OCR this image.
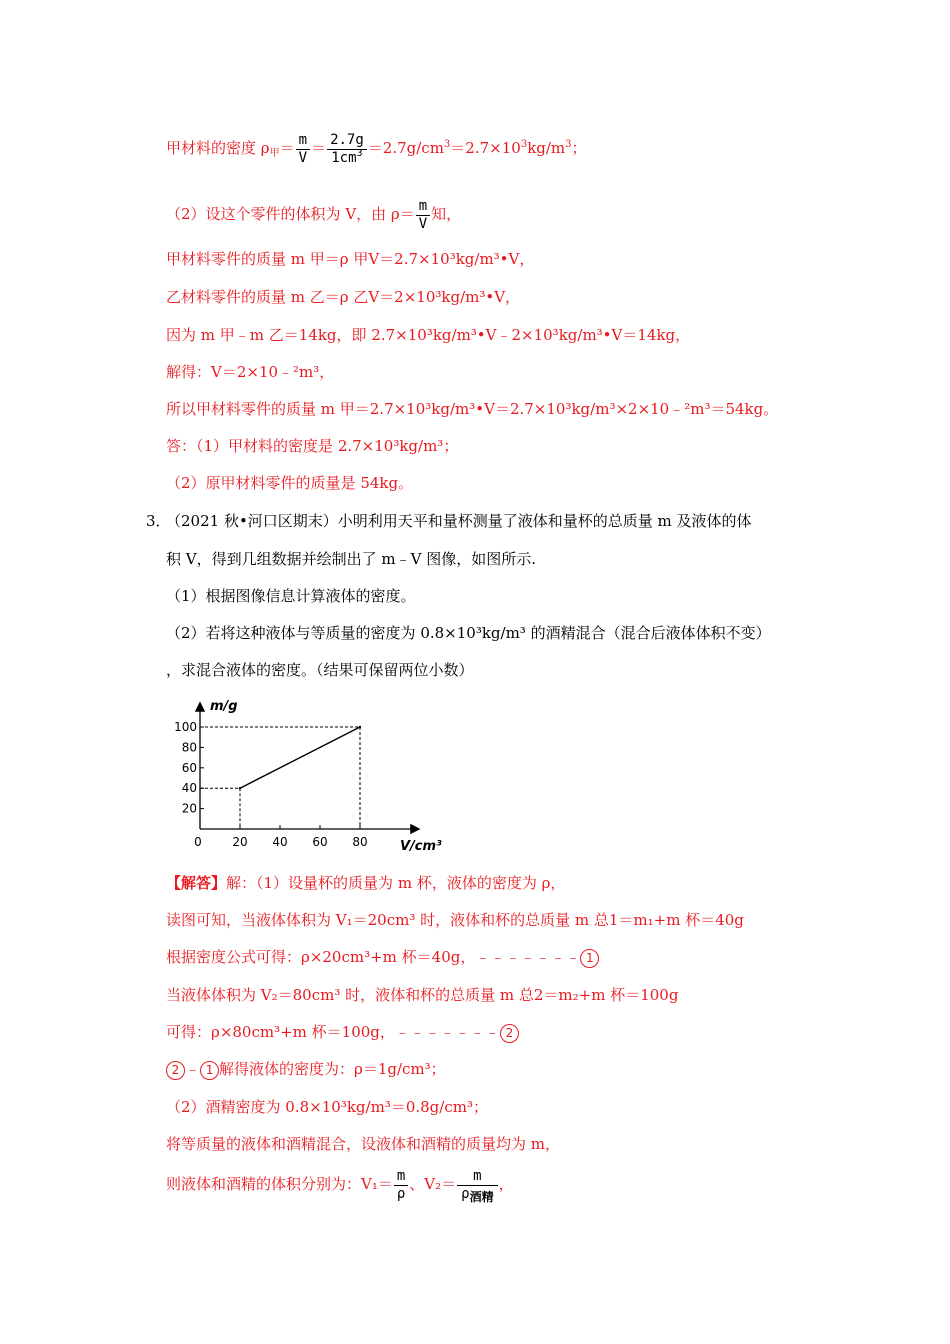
甲材料的密度 $\rho_甲= \frac{m}{V} = \frac{2.7g}{1cm^3} =2.7g/cm^3=2.7\times 10^3kg/m^3$；
（2）设这个零件的体积为 V，由 $\rho= \frac{m}{V}$ 知，
甲材料零件的质量 m 甲＝ρ 甲V＝2.7×10³kg/m³•V，
乙材料零件的质量 m 乙＝ρ 乙V＝2×10³kg/m³•V，
因为 m 甲﹣m 乙＝14kg，即 2.7×10³kg/m³•V﹣2×10³kg/m³•V＝14kg，
解得：V＝2×10﹣²m³，
所以甲材料零件的质量 m 甲＝2.7×10³kg/m³•V＝2.7×10³kg/m³×2×10﹣²m³＝54kg。
答：（1）甲材料的密度是 2.7×10³kg/m³；
（2）原甲材料零件的质量是 54kg。
3．
（2021 秋•河口区期末）小明利用天平和量杯测量了液体和量杯的总质量 m 及液体的体
积 V，得到几组数据并绘制出了 m﹣V 图像，如图所示.
（1）根据图像信息计算液体的密度。
（2）若将这种液体与等质量的密度为 0.8×10³kg/m³ 的酒精混合（混合后液体体积不变）
，求混合液体的密度。（结果可保留两位小数）
0	20 40 60 80
20
40
60
80
100
m/g
V/cm³
【解答】解：（1）设量杯的质量为 m 杯，液体的密度为 ρ，
读图可知，当液体体积为 V₁＝20cm³ 时，液体和杯的总质量 m 总1＝m₁+m 杯＝40g
根据密度公式可得：ρ×20cm³+m 杯＝40g，﹣﹣﹣﹣﹣﹣﹣ 1
当液体体积为 V₂＝80cm³ 时，液体和杯的总质量 m 总2＝m₂+m 杯＝100g
可得：ρ×80cm³+m 杯＝100g，﹣﹣﹣﹣﹣﹣﹣ 2
2 ﹣ 1 解得液体的密度为：ρ＝1g/cm³；
（2）酒精密度为 0.8×10³kg/m³＝0.8g/cm³；
将等质量的液体和酒精混合，设液体和酒精的质量均为 m，
则液体和酒精的体积分别为：$V_1= \frac{m}{\rho}$ 、$V_2= \frac{m}{\rho_{酒精}}$ ，
